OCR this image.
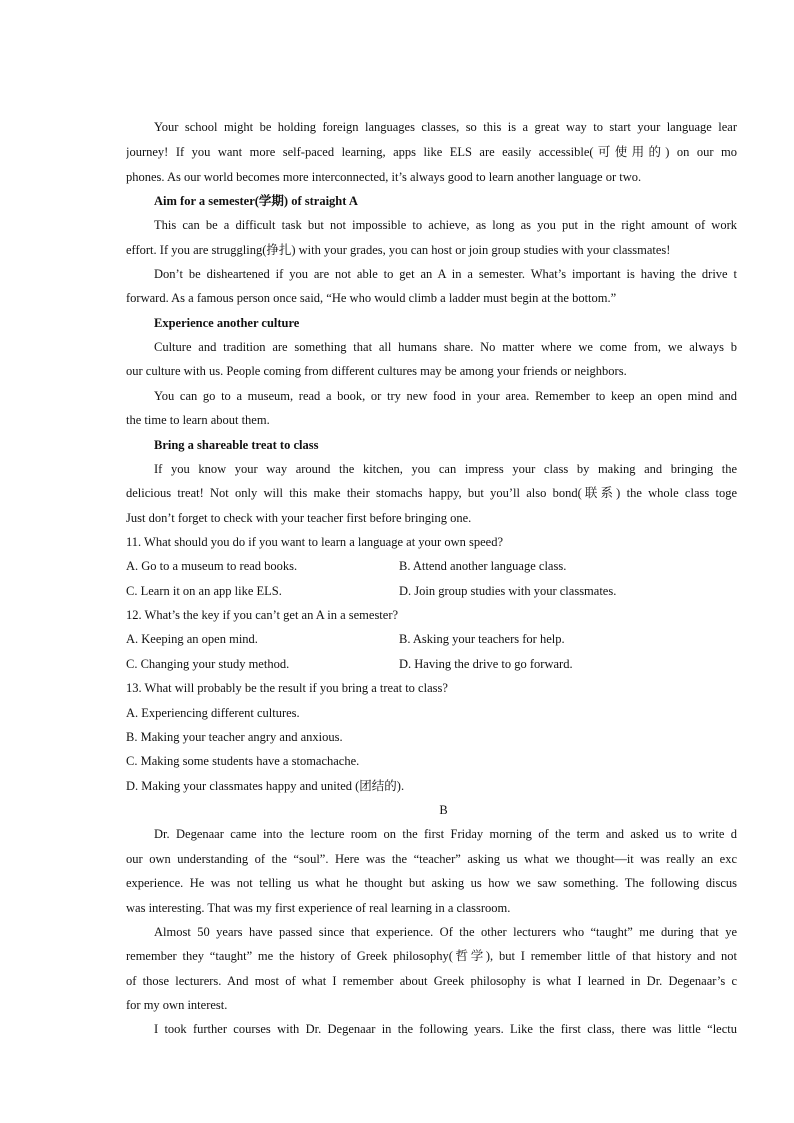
Your school might be holding foreign languages classes, so this is a great way to start your language lear
journey! If you want more self-paced learning, apps like ELS are easily accessible(可使用的) on our mo
phones. As our world becomes more interconnected, it’s always good to learn another language or two.
Aim for a semester(学期) of straight A
This can be a difficult task but not impossible to achieve, as long as you put in the right amount of work
effort. If you are struggling(挣扎) with your grades, you can host or join group studies with your classmates!
Don’t be disheartened if you are not able to get an A in a semester. What’s important is having the drive t
forward. As a famous person once said, “He who would climb a ladder must begin at the bottom.”
Experience another culture
Culture and tradition are something that all humans share. No matter where we come from, we always b
our culture with us. People coming from different cultures may be among your friends or neighbors.
You can go to a museum, read a book, or try new food in your area. Remember to keep an open mind and
the time to learn about them.
Bring a shareable treat to class
If you know your way around the kitchen, you can impress your class by making and bringing the
delicious treat! Not only will this make their stomachs happy, but you’ll also bond(联系) the whole class toge
Just don’t forget to check with your teacher first before bringing one.
11. What should you do if you want to learn a language at your own speed?
A. Go to a museum to read books.	B. Attend another language class.
C. Learn it on an app like ELS.	D. Join group studies with your classmates.
12. What’s the key if you can’t get an A in a semester?
A. Keeping an open mind.	B. Asking your teachers for help.
C. Changing your study method.	D. Having the drive to go forward.
13. What will probably be the result if you bring a treat to class?
A. Experiencing different cultures.
B. Making your teacher angry and anxious.
C. Making some students have a stomachache.
D. Making your classmates happy and united (团结的).
B
Dr. Degenaar came into the lecture room on the first Friday morning of the term and asked us to write d
our own understanding of the “soul”. Here was the “teacher” asking us what we thought—it was really an exc
experience. He was not telling us what he thought but asking us how we saw something. The following discus
was interesting. That was my first experience of real learning in a classroom.
Almost 50 years have passed since that experience. Of the other lecturers who “taught” me during that ye
remember they “taught” me the history of Greek philosophy(哲学), but I remember little of that history and not
of those lecturers. And most of what I remember about Greek philosophy is what I learned in Dr. Degenaar’s c
for my own interest.
I took further courses with Dr. Degenaar in the following years. Like the first class, there was little “lectu
